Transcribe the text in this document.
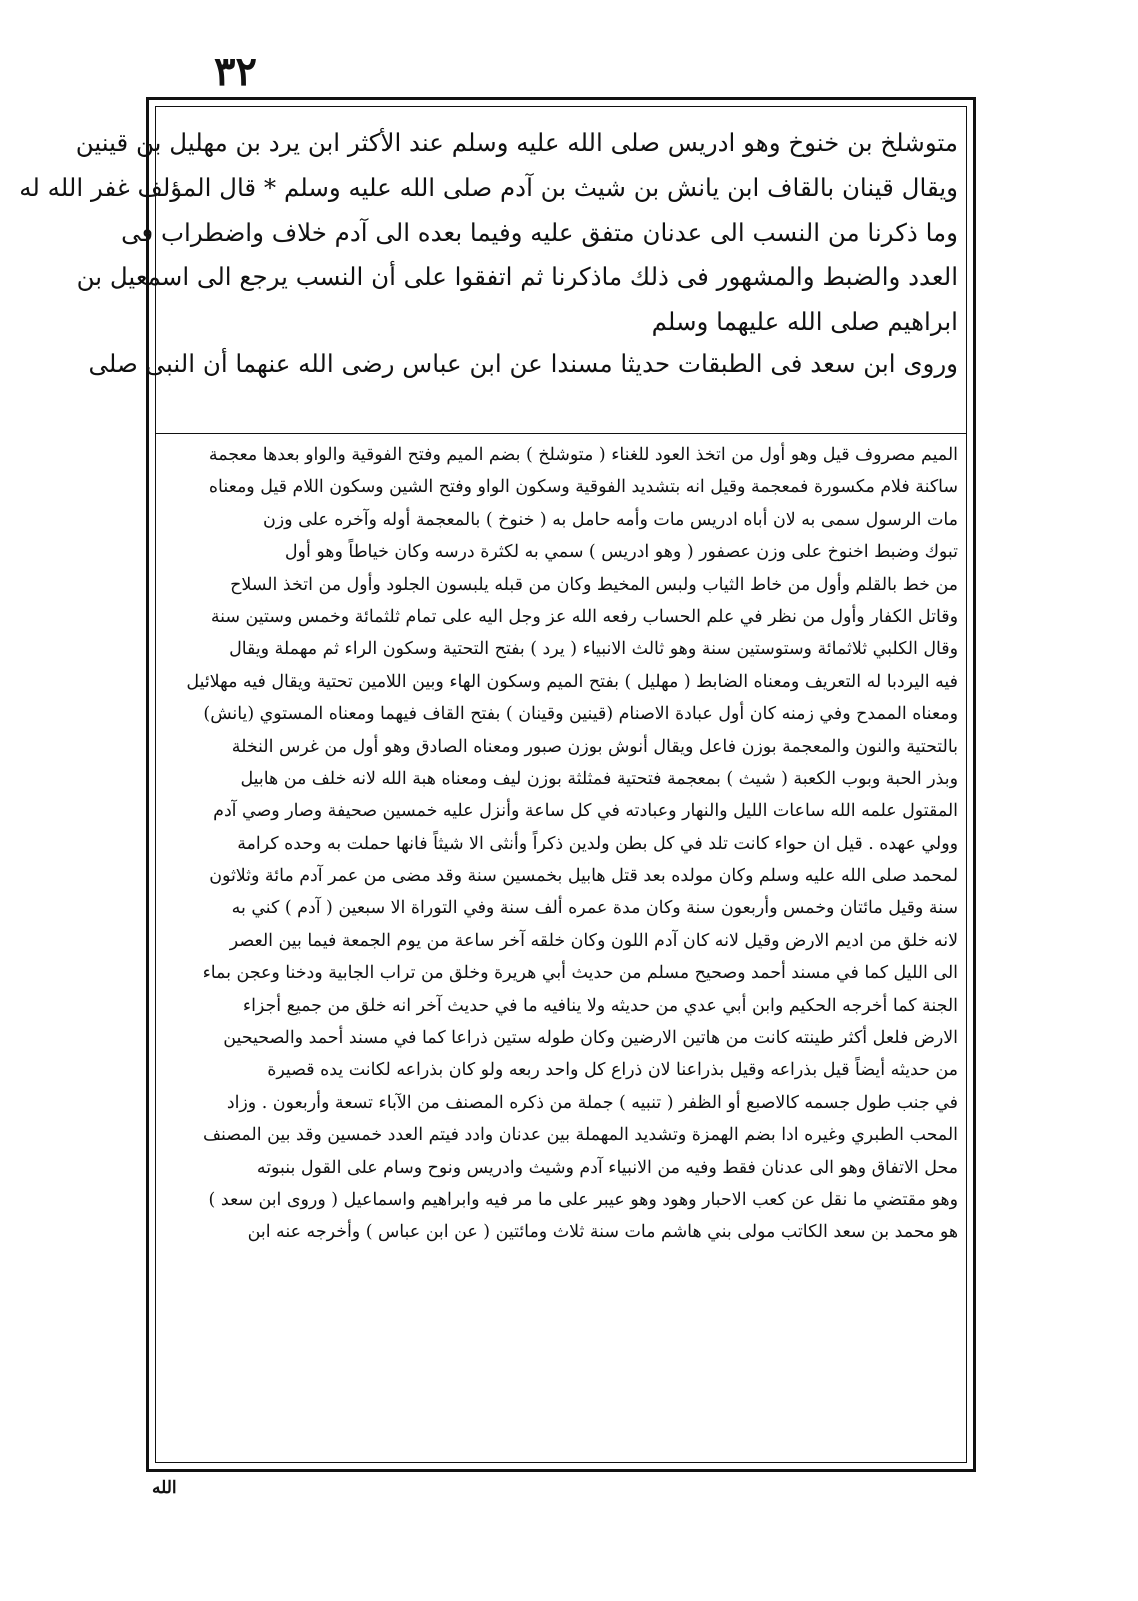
٣٢
متوشلخ بن خنوخ وهو ادريس صلى الله عليه وسلم عند الأكثر ابن يرد بن مهليل بن قينين
ويقال قينان بالقاف ابن يانش بن شيث بن آدم صلى الله عليه وسلم * قال المؤلف غفر الله له
وما ذكرنا من النسب الى عدنان متفق عليه وفيما بعده الى آدم خلاف واضطراب فى
العدد والضبط والمشهور فى ذلك ماذكرنا ثم اتفقوا على أن النسب يرجع الى اسمعيل بن
ابراهيم صلى الله عليهما وسلم
وروى ابن سعد فى الطبقات حديثا مسندا عن ابن عباس رضى الله عنهما أن النبى صلى
الميم مصروف قيل وهو أول من اتخذ العود للغناء ( متوشلخ ) بضم الميم وفتح الفوقية والواو بعدها معجمة
ساكنة فلام مكسورة فمعجمة وقيل انه بتشديد الفوقية وسكون الواو وفتح الشين وسكون اللام قيل ومعناه
مات الرسول سمى به لان أباه ادريس مات وأمه حامل به ( خنوخ ) بالمعجمة أوله وآخره على وزن
تبوك وضبط اخنوخ على وزن عصفور ( وهو ادريس ) سمي به لكثرة درسه وكان خياطاً وهو أول
من خط بالقلم وأول من خاط الثياب ولبس المخيط وكان من قبله يلبسون الجلود وأول من اتخذ السلاح
وقاتل الكفار وأول من نظر في علم الحساب رفعه الله عز وجل اليه على تمام ثلثمائة وخمس وستين سنة
وقال الكلبي ثلاثمائة وستوستين سنة وهو ثالث الانبياء ( يرد ) بفتح التحتية وسكون الراء ثم مهملة ويقال
فيه اليردبا له التعريف ومعناه الضابط ( مهليل ) بفتح الميم وسكون الهاء وبين اللامين تحتية ويقال فيه مهلائيل
ومعناه الممدح وفي زمنه كان أول عبادة الاصنام (قينين وقينان ) بفتح القاف فيهما ومعناه المستوي (يانش)
بالتحتية والنون والمعجمة بوزن فاعل ويقال أنوش بوزن صبور ومعناه الصادق وهو أول من غرس النخلة
وبذر الحبة وبوب الكعبة ( شيث ) بمعجمة فتحتية فمثلثة بوزن ليف ومعناه هبة الله لانه خلف من هابيل
المقتول علمه الله ساعات الليل والنهار وعبادته في كل ساعة وأنزل عليه خمسين صحيفة وصار وصي آدم
وولي عهده . قيل ان حواء كانت تلد في كل بطن ولدين ذكراً وأنثى الا شيثاً فانها حملت به وحده كرامة
لمحمد صلى الله عليه وسلم وكان مولده بعد قتل هابيل بخمسين سنة وقد مضى من عمر آدم مائة وثلاثون
سنة وقيل مائتان وخمس وأربعون سنة وكان مدة عمره ألف سنة وفي التوراة الا سبعين ( آدم ) كني به
لانه خلق من اديم الارض وقيل لانه كان آدم اللون وكان خلقه آخر ساعة من يوم الجمعة فيما بين العصر
الى الليل كما في مسند أحمد وصحيح مسلم من حديث أبي هريرة وخلق من تراب الجابية ودخنا وعجن بماء
الجنة كما أخرجه الحكيم وابن أبي عدي من حديثه ولا ينافيه ما في حديث آخر انه خلق من جميع أجزاء
الارض فلعل أكثر طينته كانت من هاتين الارضين وكان طوله ستين ذراعا كما في مسند أحمد والصحيحين
من حديثه أيضاً قيل بذراعه وقيل بذراعنا لان ذراع كل واحد ربعه ولو كان بذراعه لكانت يده قصيرة
في جنب طول جسمه كالاصبع أو الظفر ( تنبيه ) جملة من ذكره المصنف من الآباء تسعة وأربعون . وزاد
المحب الطبري وغيره ادا بضم الهمزة وتشديد المهملة بين عدنان وادد فيتم العدد خمسين وقد بين المصنف
محل الاتفاق وهو الى عدنان فقط وفيه من الانبياء آدم وشيث وادريس ونوح وسام على القول بنبوته
وهو مقتضي ما نقل عن كعب الاحبار وهود وهو عيبر على ما مر فيه وابراهيم واسماعيل ( وروى ابن سعد )
هو محمد بن سعد الكاتب مولى بني هاشم مات سنة ثلاث ومائتين ( عن ابن عباس ) وأخرجه عنه ابن
الله
